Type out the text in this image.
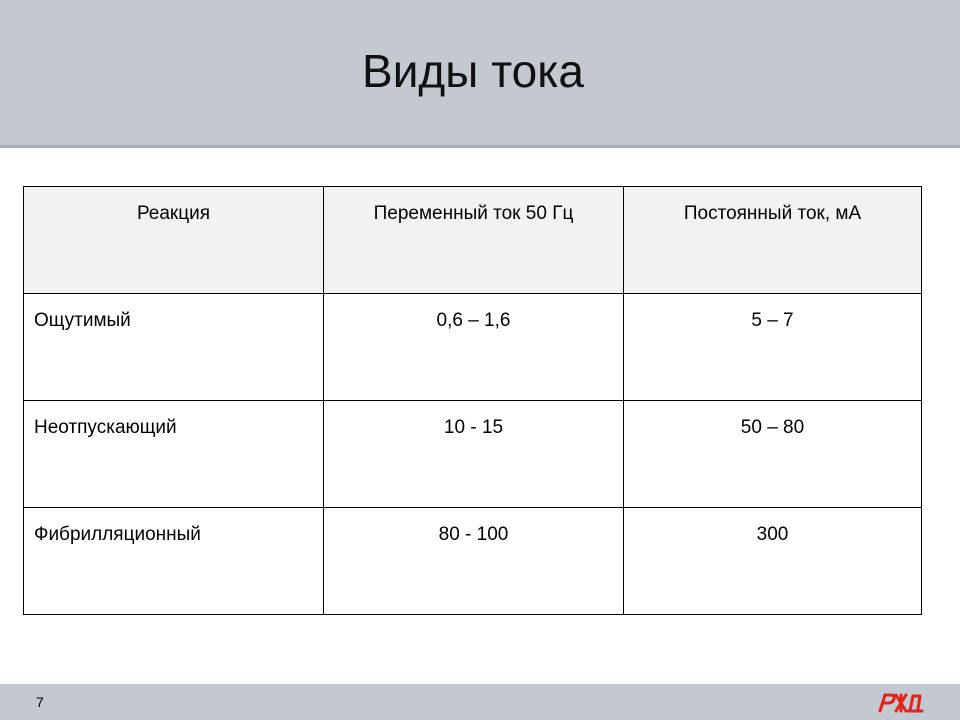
Виды тока
Реакция	Переменный ток 50 Гц	Постоянный ток, мА
Ощутимый	0,6 – 1,6	5 – 7
Неотпускающий	10 - 15	50 – 80
Фибрилляционный	80 - 100	300
7
